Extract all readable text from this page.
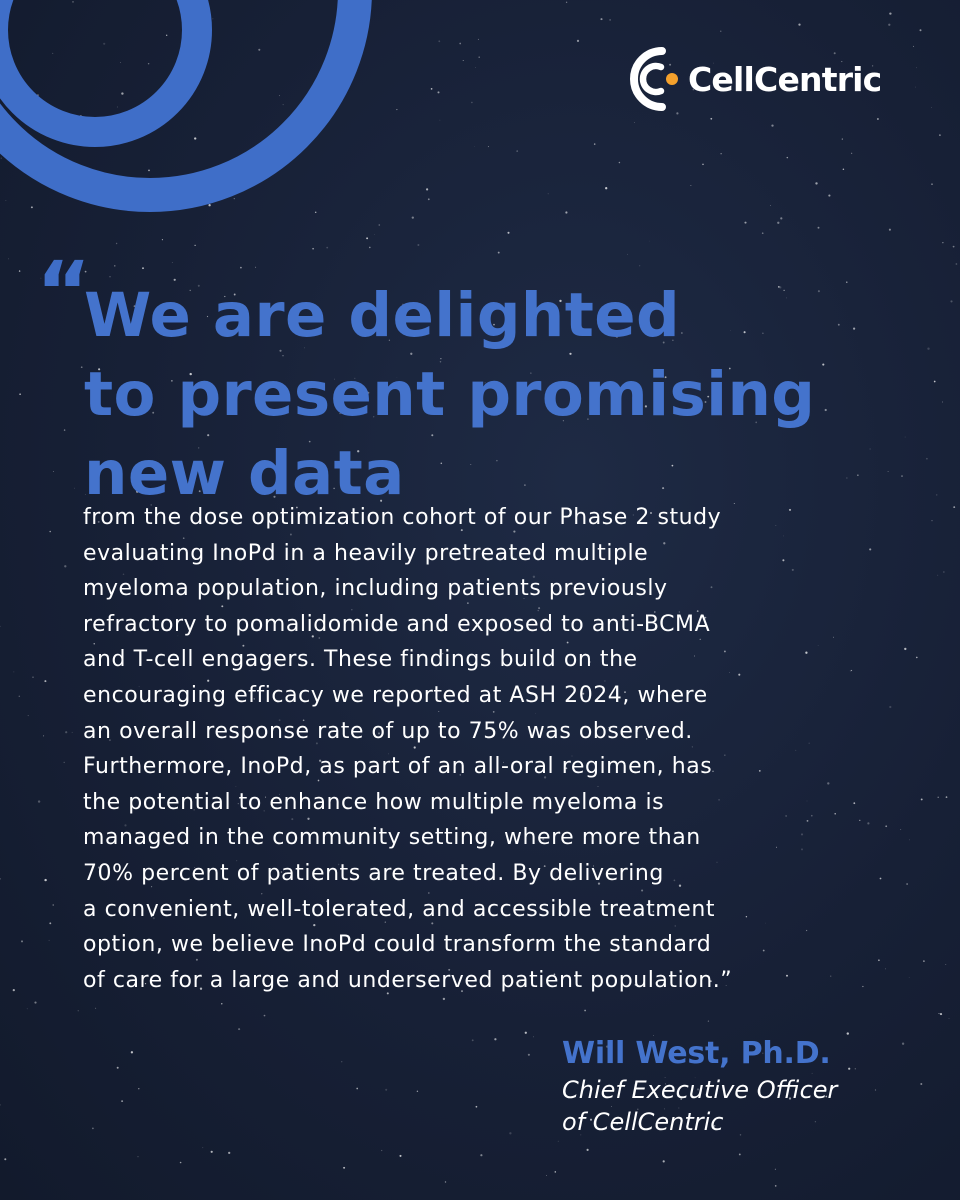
CellCentric
“
We are delighted
to present promising
new data

from the dose optimization cohort of our Phase 2 study
evaluating InoPd in a heavily pretreated multiple
myeloma population, including patients previously
refractory to pomalidomide and exposed to anti-BCMA
and T-cell engagers. These findings build on the
encouraging efficacy we reported at ASH 2024, where
an overall response rate of up to 75% was observed.
Furthermore, InoPd, as part of an all-oral regimen, has
the potential to enhance how multiple myeloma is
managed in the community setting, where more than
70% percent of patients are treated. By delivering
a convenient, well-tolerated, and accessible treatment
option, we believe InoPd could transform the standard
of care for a large and underserved patient population.”

Will West, Ph.D.
Chief Executive Officer
of CellCentric
